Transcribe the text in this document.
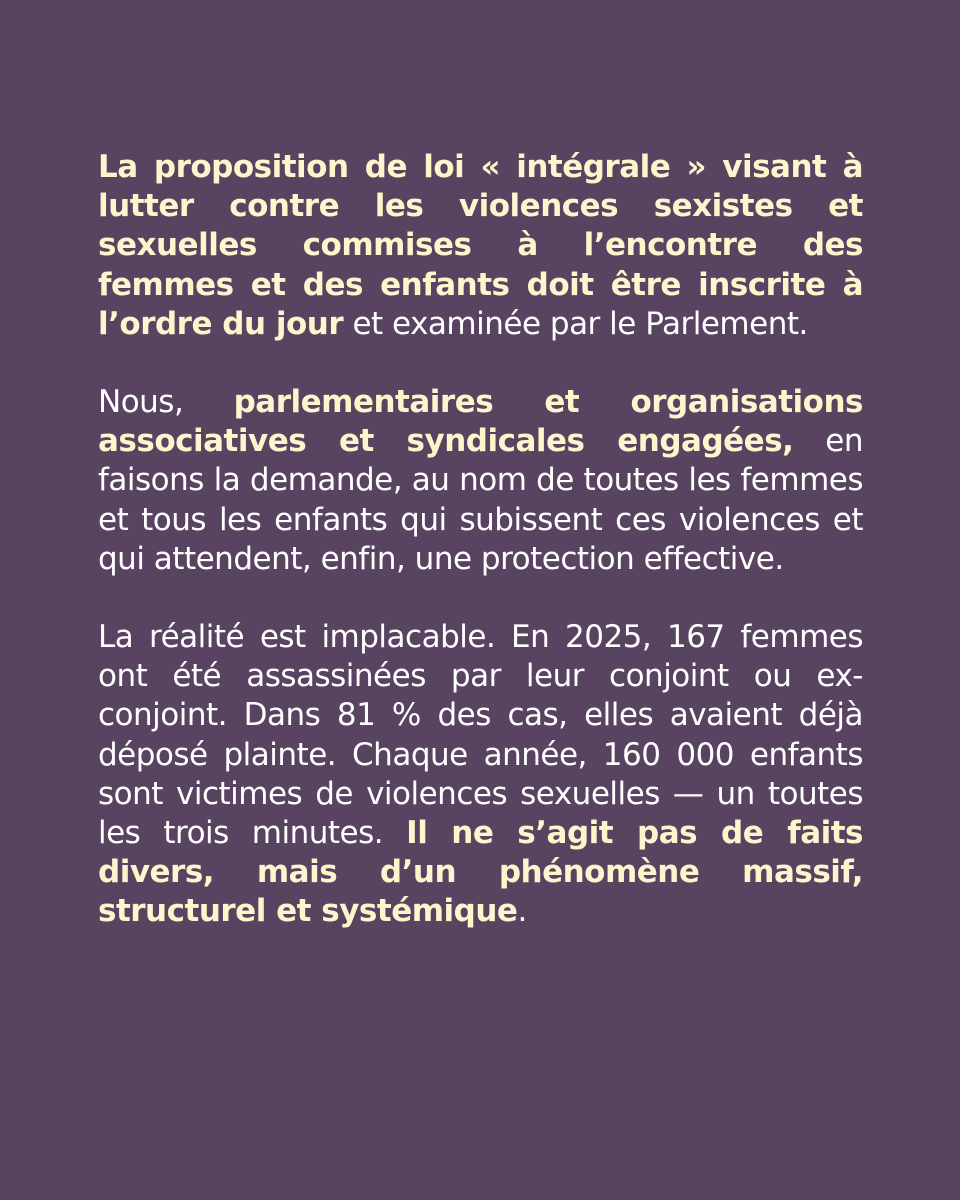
La proposition de loi « intégrale » visant à lutter contre les violences sexistes et sexuelles commises à l’encontre des femmes et des enfants doit être inscrite à l’ordre du jour et examinée par le Parlement.

Nous, parlementaires et organisations associatives et syndicales engagées, en faisons la demande, au nom de toutes les femmes et tous les enfants qui subissent ces violences et qui attendent, enfin, une protection effective.

La réalité est implacable. En 2025, 167 femmes ont été assassinées par leur conjoint ou ex-conjoint. Dans 81 % des cas, elles avaient déjà déposé plainte. Chaque année, 160 000 enfants sont victimes de violences sexuelles — un toutes les trois minutes. Il ne s’agit pas de faits divers, mais d’un phénomène massif, structurel et systémique.
